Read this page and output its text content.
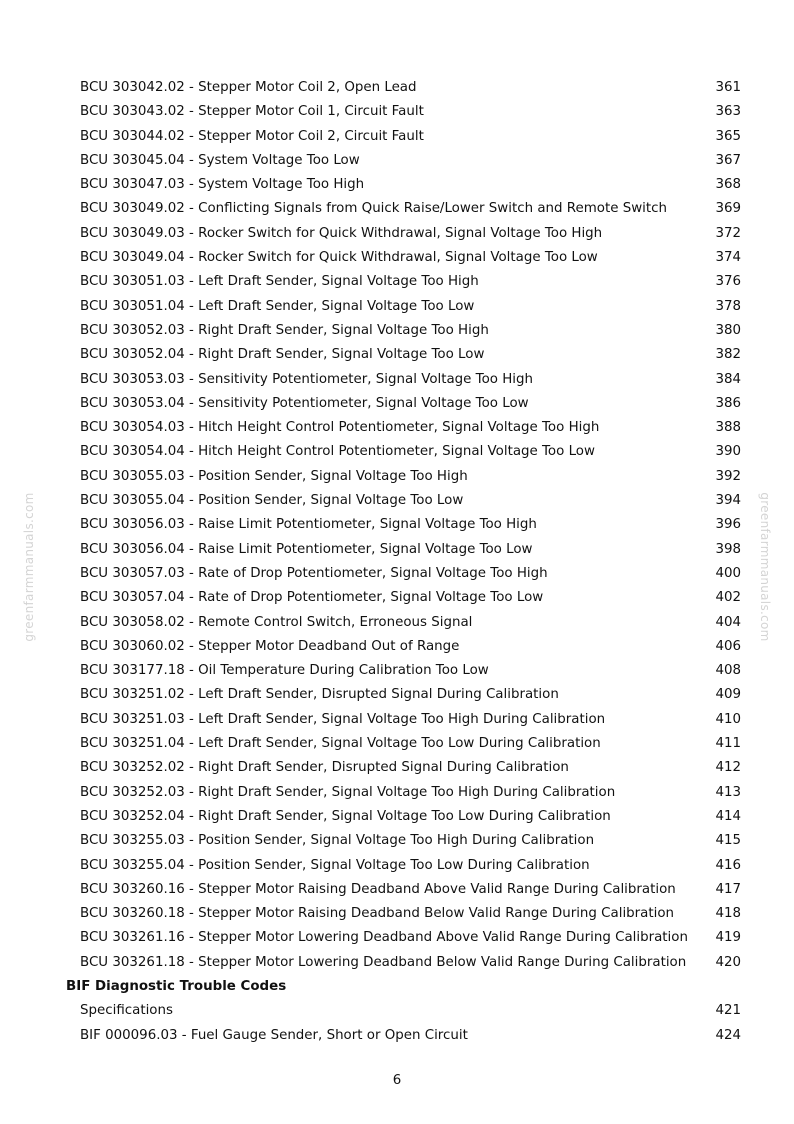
greenfarmmanuals.com	greenfarmmanuals.com
BCU 303042.02 - Stepper Motor Coil 2, Open Lead	361
BCU 303043.02 - Stepper Motor Coil 1, Circuit Fault	363
BCU 303044.02 - Stepper Motor Coil 2, Circuit Fault	365
BCU 303045.04 - System Voltage Too Low	367
BCU 303047.03 - System Voltage Too High	368
BCU 303049.02 - Conflicting Signals from Quick Raise/Lower Switch and Remote Switch	369
BCU 303049.03 - Rocker Switch for Quick Withdrawal, Signal Voltage Too High	372
BCU 303049.04 - Rocker Switch for Quick Withdrawal, Signal Voltage Too Low	374
BCU 303051.03 - Left Draft Sender, Signal Voltage Too High	376
BCU 303051.04 - Left Draft Sender, Signal Voltage Too Low	378
BCU 303052.03 - Right Draft Sender, Signal Voltage Too High	380
BCU 303052.04 - Right Draft Sender, Signal Voltage Too Low	382
BCU 303053.03 - Sensitivity Potentiometer, Signal Voltage Too High	384
BCU 303053.04 - Sensitivity Potentiometer, Signal Voltage Too Low	386
BCU 303054.03 - Hitch Height Control Potentiometer, Signal Voltage Too High	388
BCU 303054.04 - Hitch Height Control Potentiometer, Signal Voltage Too Low	390
BCU 303055.03 - Position Sender, Signal Voltage Too High	392
BCU 303055.04 - Position Sender, Signal Voltage Too Low	394
BCU 303056.03 - Raise Limit Potentiometer, Signal Voltage Too High	396
BCU 303056.04 - Raise Limit Potentiometer, Signal Voltage Too Low	398
BCU 303057.03 - Rate of Drop Potentiometer, Signal Voltage Too High	400
BCU 303057.04 - Rate of Drop Potentiometer, Signal Voltage Too Low	402
BCU 303058.02 - Remote Control Switch, Erroneous Signal	404
BCU 303060.02 - Stepper Motor Deadband Out of Range	406
BCU 303177.18 - Oil Temperature During Calibration Too Low	408
BCU 303251.02 - Left Draft Sender, Disrupted Signal During Calibration	409
BCU 303251.03 - Left Draft Sender, Signal Voltage Too High During Calibration	410
BCU 303251.04 - Left Draft Sender, Signal Voltage Too Low During Calibration	411
BCU 303252.02 - Right Draft Sender, Disrupted Signal During Calibration	412
BCU 303252.03 - Right Draft Sender, Signal Voltage Too High During Calibration	413
BCU 303252.04 - Right Draft Sender, Signal Voltage Too Low During Calibration	414
BCU 303255.03 - Position Sender, Signal Voltage Too High During Calibration	415
BCU 303255.04 - Position Sender, Signal Voltage Too Low During Calibration	416
BCU 303260.16 - Stepper Motor Raising Deadband Above Valid Range During Calibration	417
BCU 303260.18 - Stepper Motor Raising Deadband Below Valid Range During Calibration	418
BCU 303261.16 - Stepper Motor Lowering Deadband Above Valid Range During Calibration 419
BCU 303261.18 - Stepper Motor Lowering Deadband Below Valid Range During Calibration 420
BIF Diagnostic Trouble Codes
Specifications	421
BIF 000096.03 - Fuel Gauge Sender, Short or Open Circuit	424
6
